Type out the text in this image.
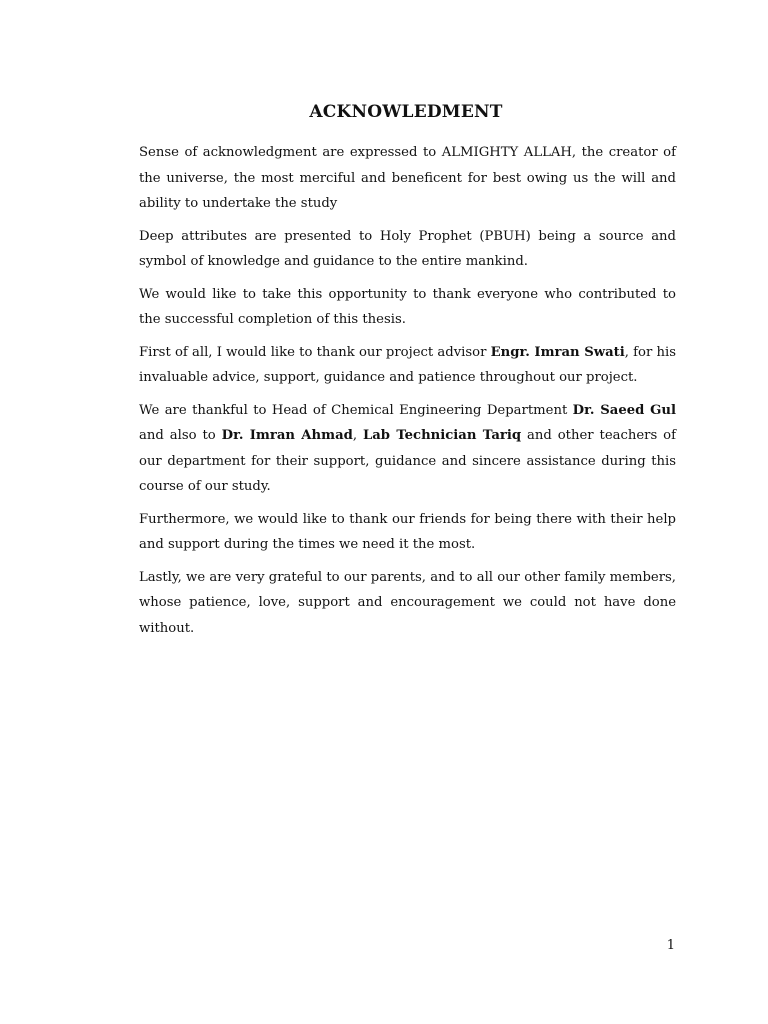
ACKNOWLEDMENT

Sense of acknowledgment are expressed to ALMIGHTY ALLAH, the creator of the universe, the most merciful and beneficent for best owing us the will and ability to undertake the study

Deep attributes are presented to Holy Prophet (PBUH) being a source and symbol of knowledge and guidance to the entire mankind.

We would like to take this opportunity to thank everyone who contributed to the successful completion of this thesis.

First of all, I would like to thank our project advisor Engr. Imran Swati, for his invaluable advice, support, guidance and patience throughout our project.

We are thankful to Head of Chemical Engineering Department Dr. Saeed Gul and also to Dr. Imran Ahmad, Lab Technician Tariq and other teachers of our department for their support, guidance and sincere assistance during this course of our study.

Furthermore, we would like to thank our friends for being there with their help and support during the times we need it the most.

Lastly, we are very grateful to our parents, and to all our other family members, whose patience, love, support and encouragement we could not have done without.

1
